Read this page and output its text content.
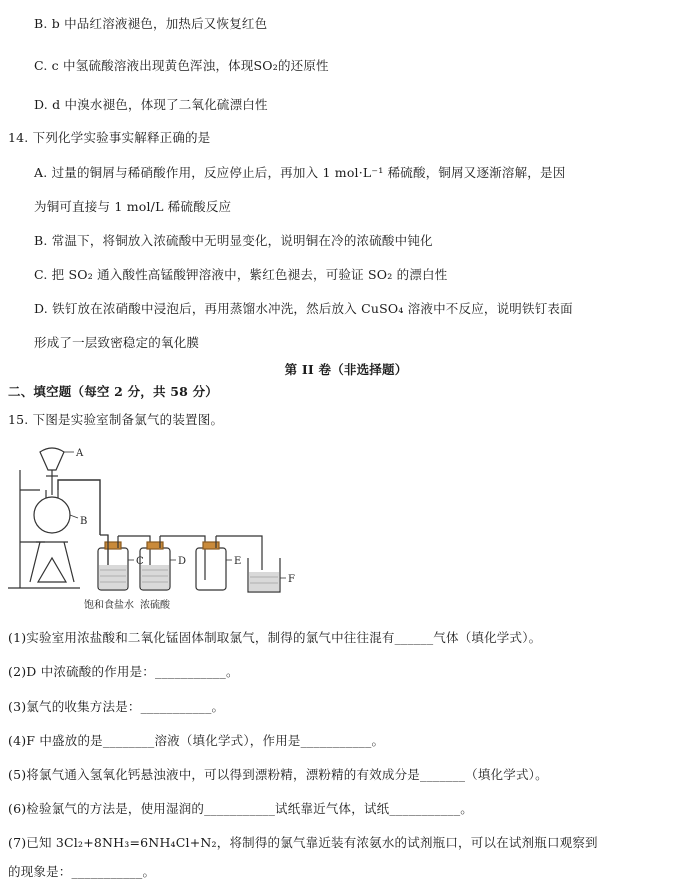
B. b 中品红溶液褪色，加热后又恢复红色
C. c 中氢硫酸溶液出现黄色浑浊，体现SO₂的还原性
D. d 中溴水褪色，体现了二氧化硫漂白性
14. 下列化学实验事实解释正确的是
A. 过量的铜屑与稀硝酸作用，反应停止后，再加入 1 mol·L⁻¹ 稀硫酸，铜屑又逐渐溶解，是因
为铜可直接与 1 mol/L 稀硫酸反应
B. 常温下，将铜放入浓硫酸中无明显变化，说明铜在冷的浓硫酸中钝化
C. 把 SO₂ 通入酸性高锰酸钾溶液中，紫红色褪去，可验证 SO₂ 的漂白性
D. 铁钉放在浓硝酸中浸泡后，再用蒸馏水冲洗，然后放入 CuSO₄ 溶液中不反应，说明铁钉表面
形成了一层致密稳定的氧化膜
第 II 卷（非选择题）
二、填空题（每空 2 分，共 58 分）
15. 下图是实验室制备氯气的装置图。
A
B
C	D	E
F
饱和食盐水 浓硫酸
(1)实验室用浓盐酸和二氧化锰固体制取氯气，制得的氯气中往往混有______气体（填化学式）。
(2)D 中浓硫酸的作用是：___________。
(3)氯气的收集方法是：___________。
(4)F 中盛放的是________溶液（填化学式），作用是___________。
(5)将氯气通入氢氧化钙悬浊液中，可以得到漂粉精，漂粉精的有效成分是_______（填化学式）。
(6)检验氯气的方法是，使用湿润的___________试纸靠近气体，试纸___________。
(7)已知 3Cl₂+8NH₃=6NH₄Cl+N₂，将制得的氯气靠近装有浓氨水的试剂瓶口，可以在试剂瓶口观察到
的现象是：___________。
